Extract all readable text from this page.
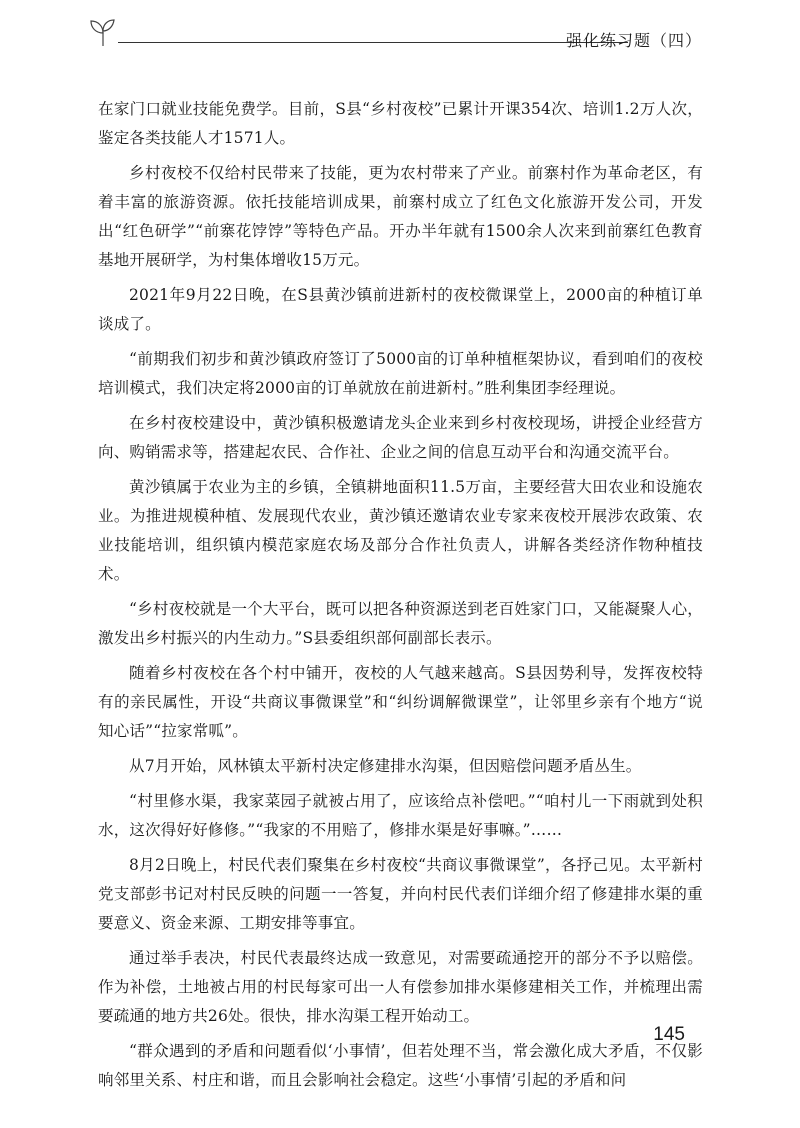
强化练习题（四）

在家门口就业技能免费学。目前，S县“乡村夜校”已累计开课354次、培训1.2万人次，鉴定各类技能人才1571人。

乡村夜校不仅给村民带来了技能，更为农村带来了产业。前寨村作为革命老区，有着丰富的旅游资源。依托技能培训成果，前寨村成立了红色文化旅游开发公司，开发出“红色研学”“前寨花饽饽”等特色产品。开办半年就有1500余人次来到前寨红色教育基地开展研学，为村集体增收15万元。

2021年9月22日晚，在S县黄沙镇前进新村的夜校微课堂上，2000亩的种植订单谈成了。

“前期我们初步和黄沙镇政府签订了5000亩的订单种植框架协议，看到咱们的夜校培训模式，我们决定将2000亩的订单就放在前进新村。”胜利集团李经理说。

在乡村夜校建设中，黄沙镇积极邀请龙头企业来到乡村夜校现场，讲授企业经营方向、购销需求等，搭建起农民、合作社、企业之间的信息互动平台和沟通交流平台。

黄沙镇属于农业为主的乡镇，全镇耕地面积11.5万亩，主要经营大田农业和设施农业。为推进规模种植、发展现代农业，黄沙镇还邀请农业专家来夜校开展涉农政策、农业技能培训，组织镇内模范家庭农场及部分合作社负责人，讲解各类经济作物种植技术。

“乡村夜校就是一个大平台，既可以把各种资源送到老百姓家门口，又能凝聚人心，激发出乡村振兴的内生动力。”S县委组织部何副部长表示。

随着乡村夜校在各个村中铺开，夜校的人气越来越高。S县因势利导，发挥夜校特有的亲民属性，开设“共商议事微课堂”和“纠纷调解微课堂”，让邻里乡亲有个地方“说知心话”“拉家常呱”。

从7月开始，风林镇太平新村决定修建排水沟渠，但因赔偿问题矛盾丛生。

“村里修水渠，我家菜园子就被占用了，应该给点补偿吧。”“咱村儿一下雨就到处积水，这次得好好修修。”“我家的不用赔了，修排水渠是好事嘛。”……

8月2日晚上，村民代表们聚集在乡村夜校“共商议事微课堂”，各抒己见。太平新村党支部彭书记对村民反映的问题一一答复，并向村民代表们详细介绍了修建排水渠的重要意义、资金来源、工期安排等事宜。

通过举手表决，村民代表最终达成一致意见，对需要疏通挖开的部分不予以赔偿。作为补偿，土地被占用的村民每家可出一人有偿参加排水渠修建相关工作，并梳理出需要疏通的地方共26处。很快，排水沟渠工程开始动工。

“群众遇到的矛盾和问题看似‘小事情’，但若处理不当，常会激化成大矛盾，不仅影响邻里关系、村庄和谐，而且会影响社会稳定。这些‘小事情’引起的矛盾和问

145
